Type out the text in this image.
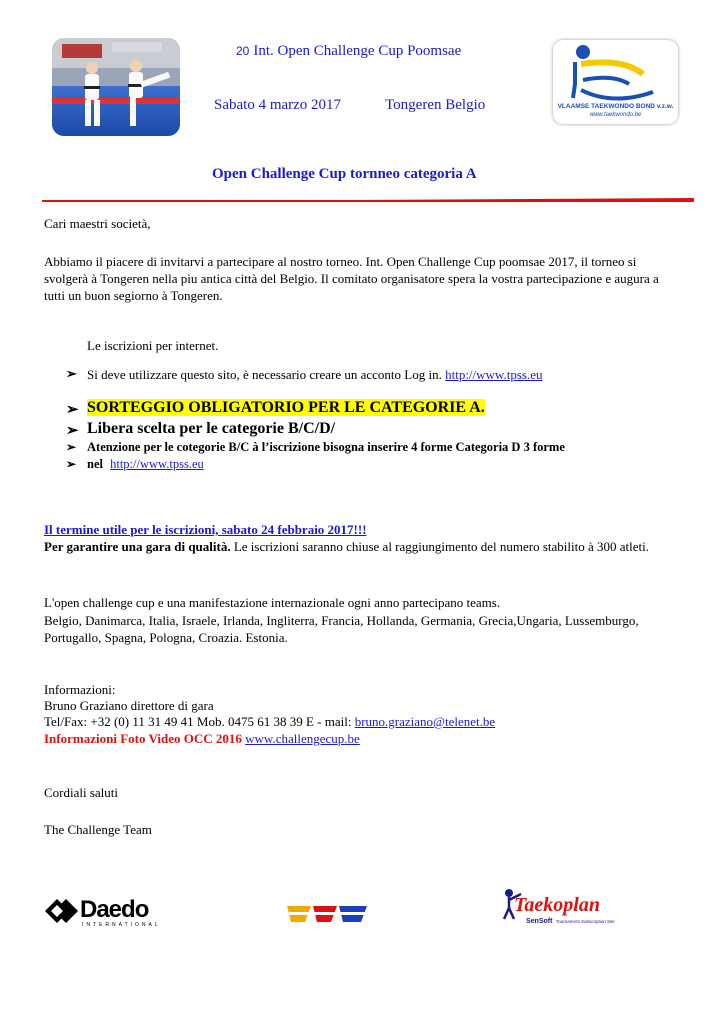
20 Int. Open Challenge Cup Poomsae
Sabato 4 marzo 2017	Tongeren Belgio	VLAAMSE TAEKWONDO BOND v.z.w.
www.taekwondo.be
Open Challenge Cup tornneo categoria A
Cari maestri società,
Abbiamo il piacere di invitarvi a partecipare al nostro torneo. Int. Open Challenge Cup poomsae 2017, il torneo si svolgerà à Tongeren nella piu antica città del Belgio. Il comitato organisatore spera la vostra partecipazione e augura a tutti un buon segiorno à Tongeren.
Le iscrizioni per internet.
➢ Si deve utilizzare questo sito, è necessario creare un acconto Log in. http://www.tpss.eu
➢ SORTEGGIO OBLIGATORIO PER LE CATEGORIE A.
➢ Libera scelta per le categorie B/C/D/
➢ Atenzione per le cotegorie B/C à l’iscrizione bisogna inserire 4 forme Categoria D 3 forme
➢ nel http://www.tpss.eu
Il termine utile per le iscrizioni, sabato 24 febbraio 2017!!!
Per garantire una gara di qualità. Le iscrizioni saranno chiuse al raggiungimento del numero stabilito à 300 atleti.
L'open challenge cup e una manifestazione internazionale ogni anno partecipano teams.
Belgio, Danimarca, Italia, Israele, Irlanda, Ingliterra, Francia, Hollanda, Germania, Grecia,Ungaria, Lussemburgo, Portugallo, Spagna, Pologna, Croazia. Estonia.
Informazioni:
Bruno Graziano direttore di gara
Tel/Fax: +32 (0) 11 31 49 41 Mob. 0475 61 38 39 E - mail: bruno.graziano@telenet.be
Informazioni Foto Video OCC 2016 www.challengecup.be
Cordiali saluti
The Challenge Team
Daedo
INTERNATIONAL
Taekoplan
SenSoft Tournament Subscription Site
